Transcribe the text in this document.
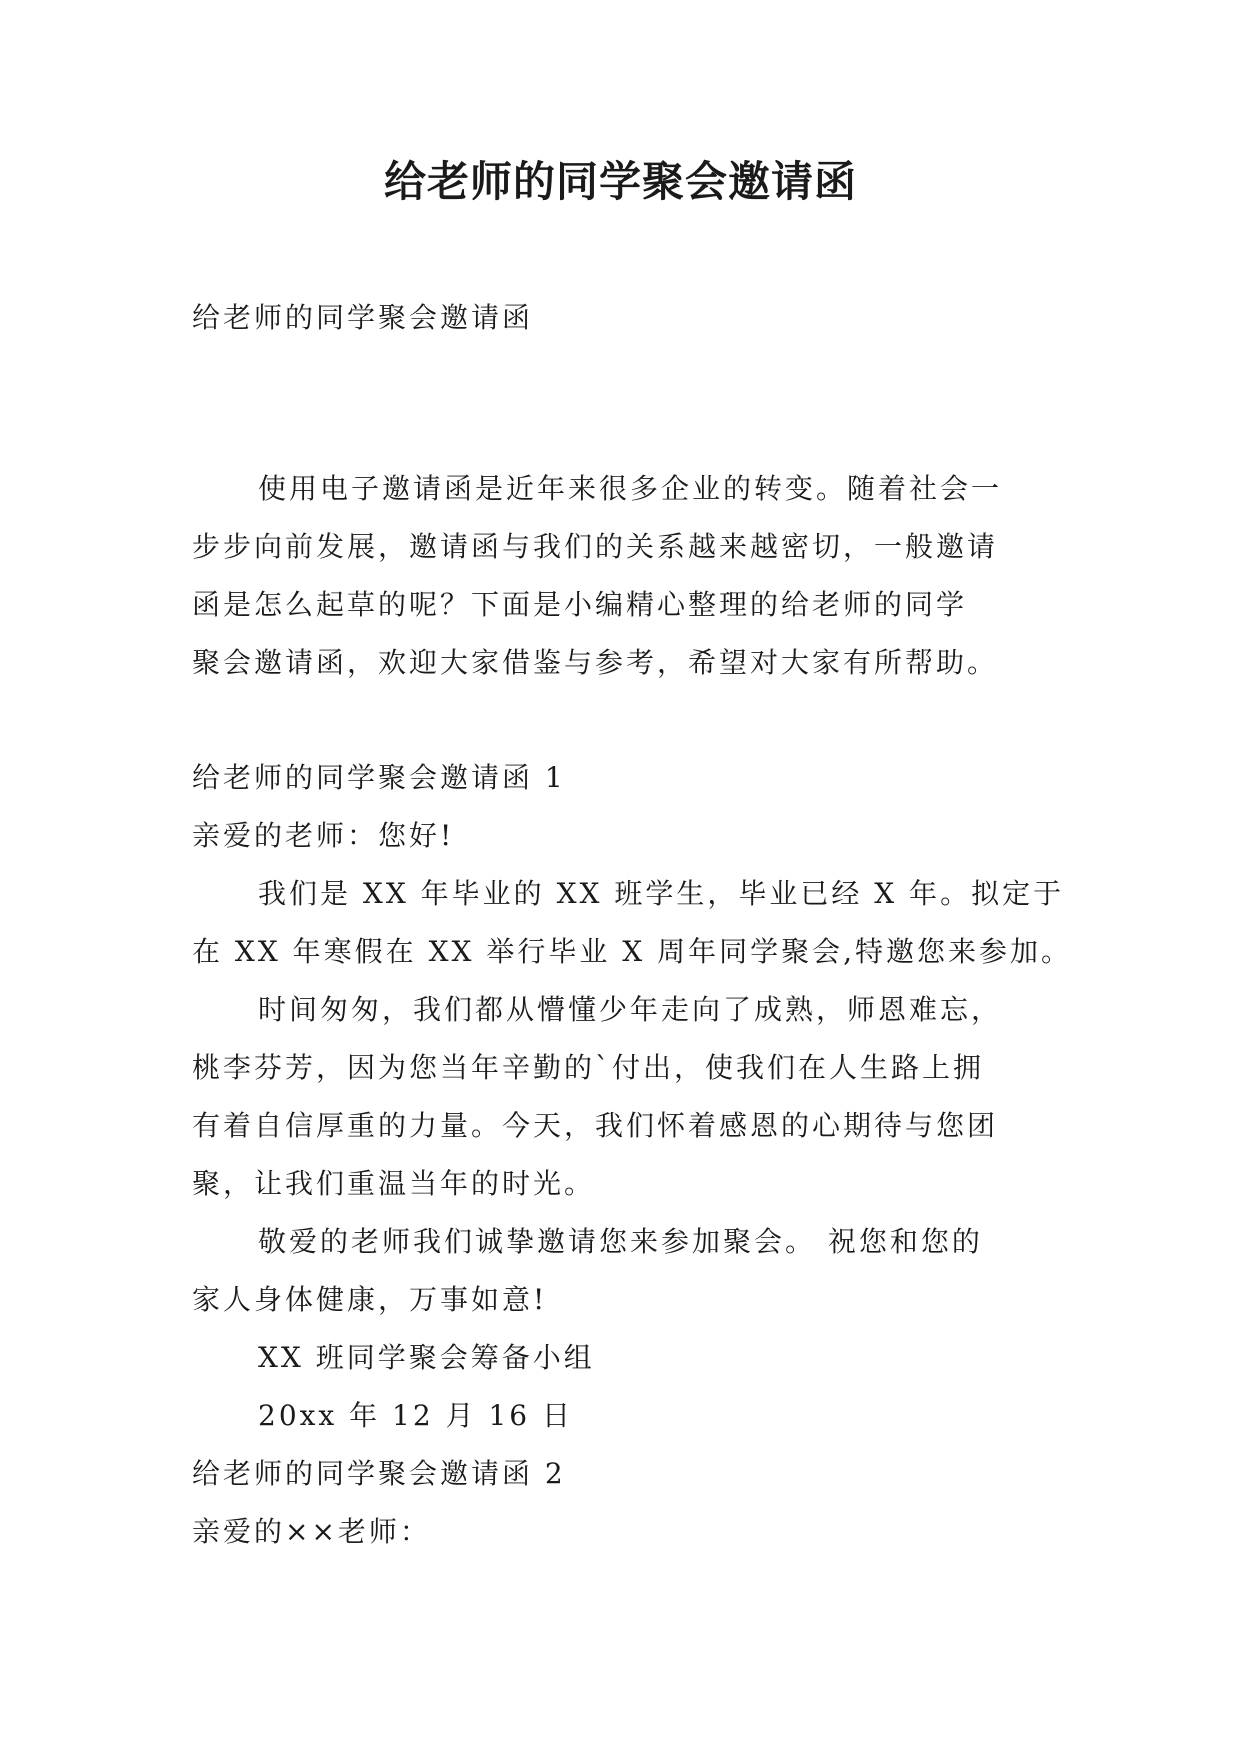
给老师的同学聚会邀请函
给老师的同学聚会邀请函
使用电子邀请函是近年来很多企业的转变。随着社会一
步步向前发展，邀请函与我们的关系越来越密切，一般邀请
函是怎么起草的呢？下面是小编精心整理的给老师的同学
聚会邀请函，欢迎大家借鉴与参考，希望对大家有所帮助。
给老师的同学聚会邀请函 1
亲爱的老师：您好!
我们是 XX 年毕业的 XX 班学生，毕业已经 X 年。拟定于
在 XX 年寒假在 XX 举行毕业 X 周年同学聚会,特邀您来参加。
时间匆匆，我们都从懵懂少年走向了成熟，师恩难忘，
桃李芬芳，因为您当年辛勤的`付出，使我们在人生路上拥
有着自信厚重的力量。今天，我们怀着感恩的心期待与您团
聚，让我们重温当年的时光。
敬爱的老师我们诚挚邀请您来参加聚会。 祝您和您的
家人身体健康，万事如意!
XX 班同学聚会筹备小组
20xx 年 12 月 16 日
给老师的同学聚会邀请函 2
亲爱的××老师：
